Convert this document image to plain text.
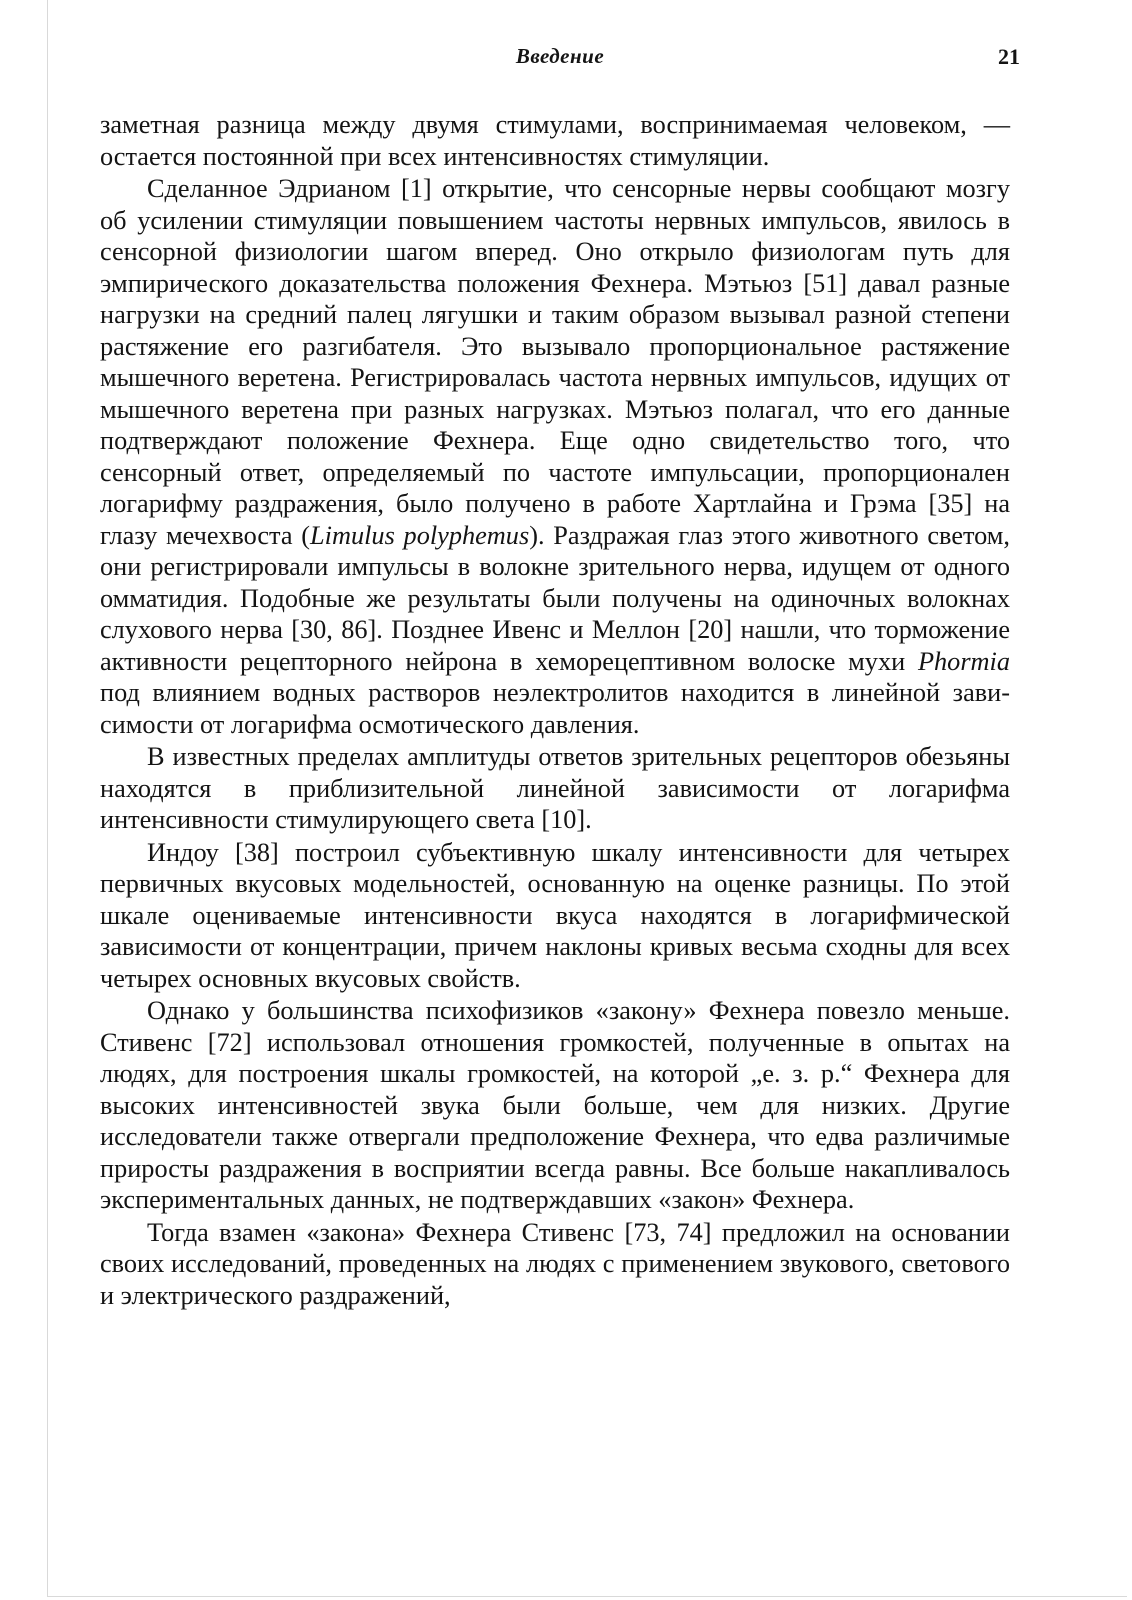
Введение	21

заметная разница между двумя стимулами, воспринимаемая человеком, — остается постоянной при всех интенсивностях стимуляции.

Сделанное Эдрианом [1] открытие, что сенсорные нервы сообщают мозгу об усилении стимуляции повышением частоты нервных импульсов, явилось в сенсорной физиологии шагом вперед. Оно открыло физиологам путь для эмпирического доказательства положения Фехнера. Мэтьюз [51] давал разные нагрузки на средний палец лягушки и таким образом вызывал разной степени растяжение его разгибателя. Это вызывало пропорциональное растяжение мышечного веретена. Регистрировалась частота нервных импульсов, идущих от мышечного веретена при разных нагрузках. Мэтьюз полагал, что его данные подтверждают положение Фехнера. Еще одно свидетельство того, что сенсорный ответ, определяемый по частоте импульсации, пропорционален логарифму раздражения, было получено в работе Хартлайна и Грэма [35] на глазу мечехвоста (Limulus polyphemus). Раздражая глаз этого животного светом, они регистрировали импульсы в волокне зрительного нерва, идущем от одного омматидия. Подобные же результаты были получены на одиночных волокнах слухового нерва [30, 86]. Позднее Ивенс и Меллон [20] нашли, что торможение активности рецепторного нейрона в хеморецептивном волоске мухи Phormia под влиянием водных растворов неэлектролитов находится в линейной зависимости от логарифма осмотического давления.

В известных пределах амплитуды ответов зрительных рецепторов обезьяны находятся в приблизительной линейной зависимости от логарифма интенсивности стимулирующего света [10].

Индоу [38] построил субъективную шкалу интенсивности для четырех первичных вкусовых модельностей, основанную на оценке разницы. По этой шкале оцениваемые интенсивности вкуса находятся в логарифмической зависимости от концентрации, причем наклоны кривых весьма сходны для всех четырех основных вкусовых свойств.

Однако у большинства психофизиков «закону» Фехнера повезло меньше. Стивенс [72] использовал отношения громкостей, полученные в опытах на людях, для построения шкалы громкостей, на которой „е. з. р.“ Фехнера для высоких интенсивностей звука были больше, чем для низких. Другие исследователи также отвергали предположение Фехнера, что едва различимые приросты раздражения в восприятии всегда равны. Все больше накапливалось экспериментальных данных, не подтверждавших «закон» Фехнера.

Тогда взамен «закона» Фехнера Стивенс [73, 74] предложил на основании своих исследований, проведенных на людях с применением звукового, светового и электрического раздражений,
